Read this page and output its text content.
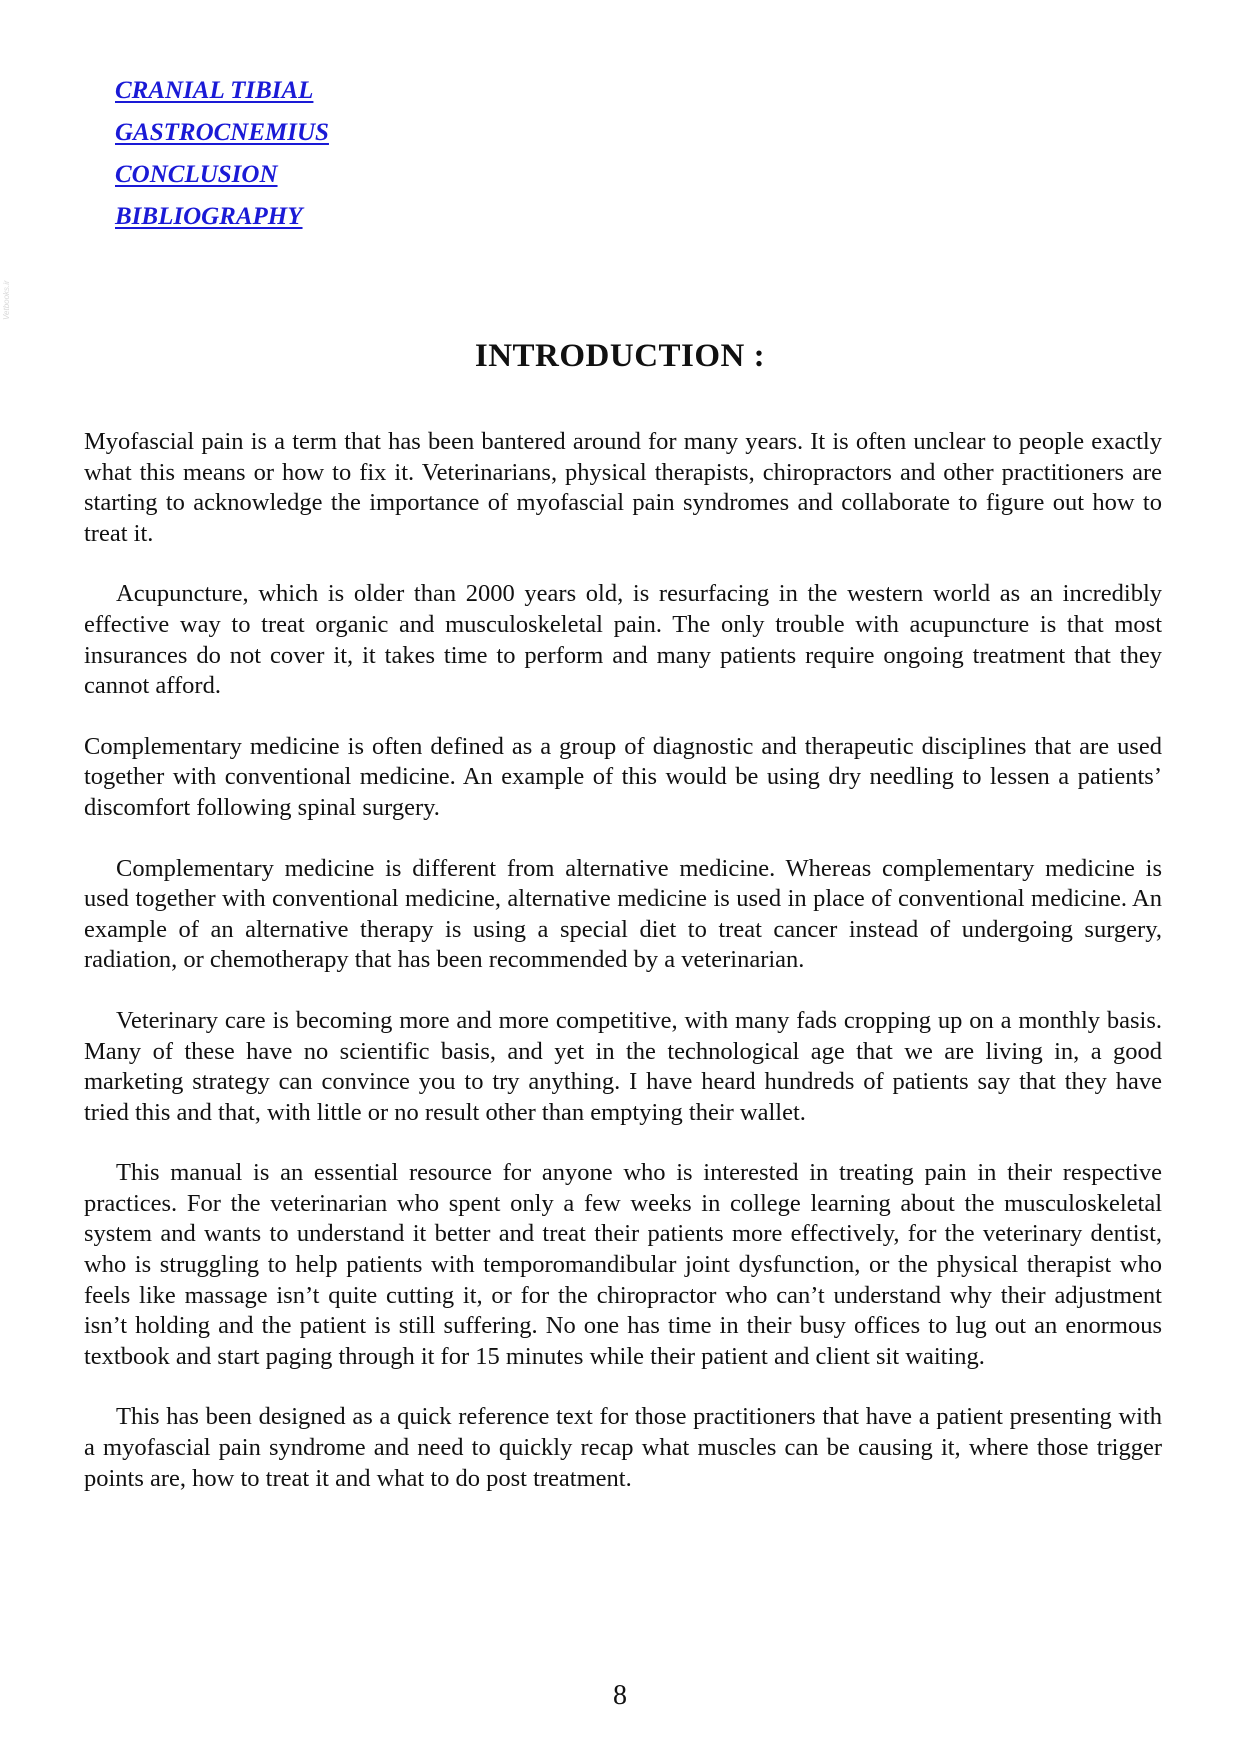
CRANIAL TIBIAL
GASTROCNEMIUS
CONCLUSION
BIBLIOGRAPHY
Vetbooks.ir
INTRODUCTION :

Myofascial pain is a term that has been bantered around for many years. It is often unclear to people exactly what this means or how to fix it. Veterinarians, physical therapists, chiropractors and other practitioners are starting to acknowledge the importance of myofascial pain syndromes and collaborate to figure out how to treat it.

Acupuncture, which is older than 2000 years old, is resurfacing in the western world as an incredibly effective way to treat organic and musculoskeletal pain. The only trouble with acupuncture is that most insurances do not cover it, it takes time to perform and many patients require ongoing treatment that they cannot afford.

Complementary medicine is often defined as a group of diagnostic and therapeutic disciplines that are used together with conventional medicine. An example of this would be using dry needling to lessen a patients’ discomfort following spinal surgery.

Complementary medicine is different from alternative medicine. Whereas complementary medicine is used together with conventional medicine, alternative medicine is used in place of conventional medicine. An example of an alternative therapy is using a special diet to treat cancer instead of undergoing surgery, radiation, or chemotherapy that has been recommended by a veterinarian.

Veterinary care is becoming more and more competitive, with many fads cropping up on a monthly basis. Many of these have no scientific basis, and yet in the technological age that we are living in, a good marketing strategy can convince you to try anything. I have heard hundreds of patients say that they have tried this and that, with little or no result other than emptying their wallet.

This manual is an essential resource for anyone who is interested in treating pain in their respective practices. For the veterinarian who spent only a few weeks in college learning about the musculoskeletal system and wants to understand it better and treat their patients more effectively, for the veterinary dentist, who is struggling to help patients with temporomandibular joint dysfunction, or the physical therapist who feels like massage isn’t quite cutting it, or for the chiropractor who can’t understand why their adjustment isn’t holding and the patient is still suffering. No one has time in their busy offices to lug out an enormous textbook and start paging through it for 15 minutes while their patient and client sit waiting.

This has been designed as a quick reference text for those practitioners that have a patient presenting with a myofascial pain syndrome and need to quickly recap what muscles can be causing it, where those trigger points are, how to treat it and what to do post treatment.

8
